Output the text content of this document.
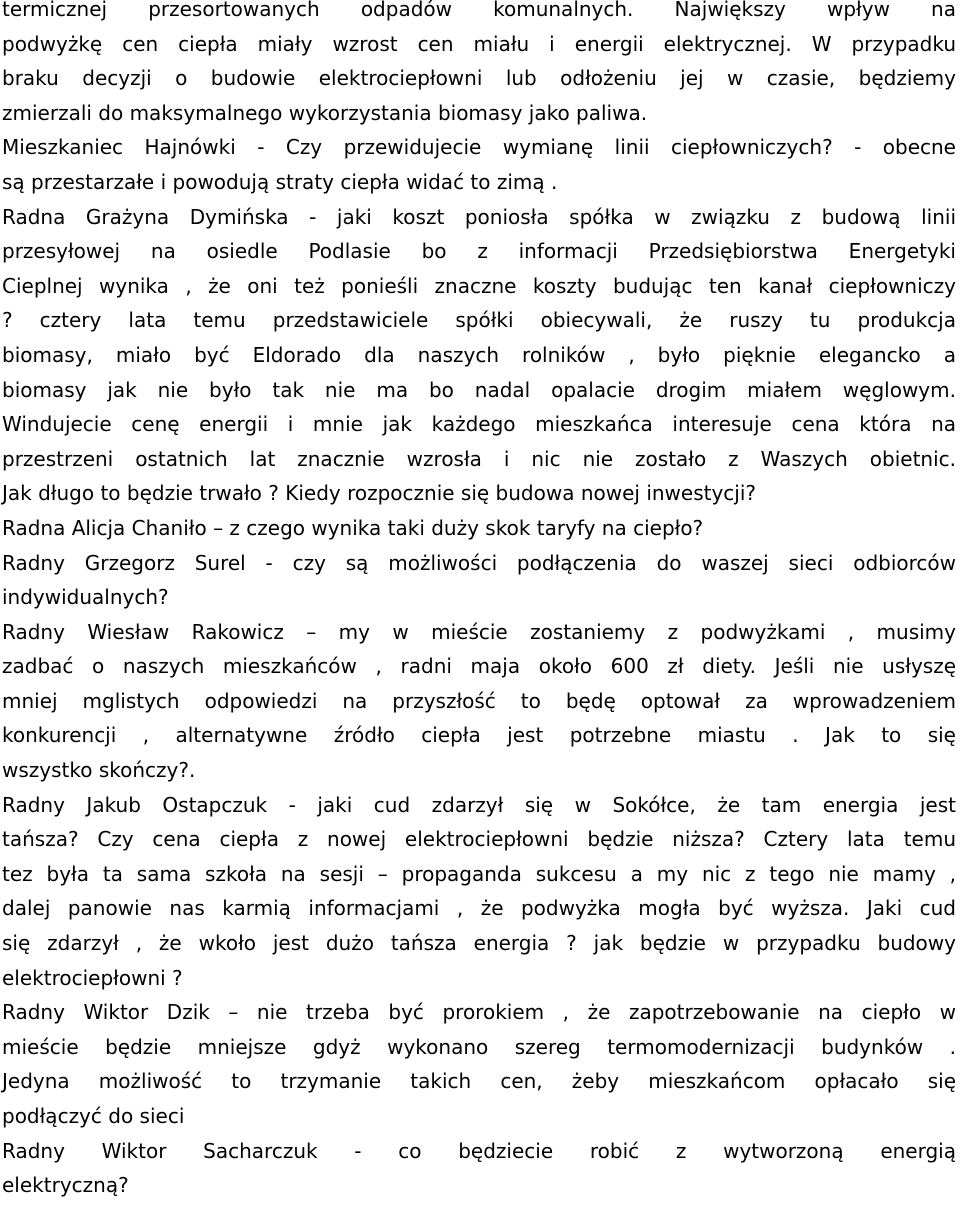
termicznej przesortowanych odpadów komunalnych. Największy wpływ na

podwyżkę cen ciepła miały wzrost cen miału i energii elektrycznej. W przypadku

braku decyzji o budowie elektrociepłowni lub odłożeniu jej w czasie, będziemy

zmierzali do maksymalnego wykorzystania biomasy jako paliwa.

Mieszkaniec Hajnówki - Czy przewidujecie wymianę linii ciepłowniczych? - obecne

są przestarzałe i powodują straty ciepła widać to zimą .

Radna Grażyna Dymińska - jaki koszt poniosła spółka w związku z budową linii

przesyłowej na osiedle Podlasie bo z informacji Przedsiębiorstwa Energetyki

Cieplnej wynika , że oni też ponieśli znaczne koszty budując ten kanał ciepłowniczy

? cztery lata temu przedstawiciele spółki obiecywali, że ruszy tu produkcja

biomasy, miało być Eldorado dla naszych rolników , było pięknie elegancko a

biomasy jak nie było tak nie ma bo nadal opalacie drogim miałem węglowym.

Windujecie cenę energii i mnie jak każdego mieszkańca interesuje cena która na

przestrzeni ostatnich lat znacznie wzrosła i nic nie zostało z Waszych obietnic.

Jak długo to będzie trwało ? Kiedy rozpocznie się budowa nowej inwestycji?

Radna Alicja Chaniło – z czego wynika taki duży skok taryfy na ciepło?

Radny Grzegorz Surel - czy są możliwości podłączenia do waszej sieci odbiorców

indywidualnych?

Radny Wiesław Rakowicz – my w mieście zostaniemy z podwyżkami , musimy

zadbać o naszych mieszkańców , radni maja około 600 zł diety. Jeśli nie usłyszę

mniej mglistych odpowiedzi na przyszłość to będę optował za wprowadzeniem

konkurencji , alternatywne źródło ciepła jest potrzebne miastu . Jak to się

wszystko skończy?.

Radny Jakub Ostapczuk - jaki cud zdarzył się w Sokółce, że tam energia jest

tańsza? Czy cena ciepła z nowej elektrociepłowni będzie niższa? Cztery lata temu

tez była ta sama szkoła na sesji – propaganda sukcesu a my nic z tego nie mamy ,

dalej panowie nas karmią informacjami , że podwyżka mogła być wyższa. Jaki cud

się zdarzył , że wkoło jest dużo tańsza energia ? jak będzie w przypadku budowy

elektrociepłowni ?

Radny Wiktor Dzik – nie trzeba być prorokiem , że zapotrzebowanie na ciepło w

mieście będzie mniejsze gdyż wykonano szereg termomodernizacji budynków .

Jedyna możliwość to trzymanie takich cen, żeby mieszkańcom opłacało się

podłączyć do sieci

Radny Wiktor Sacharczuk - co będziecie robić z wytworzoną energią

elektryczną?
